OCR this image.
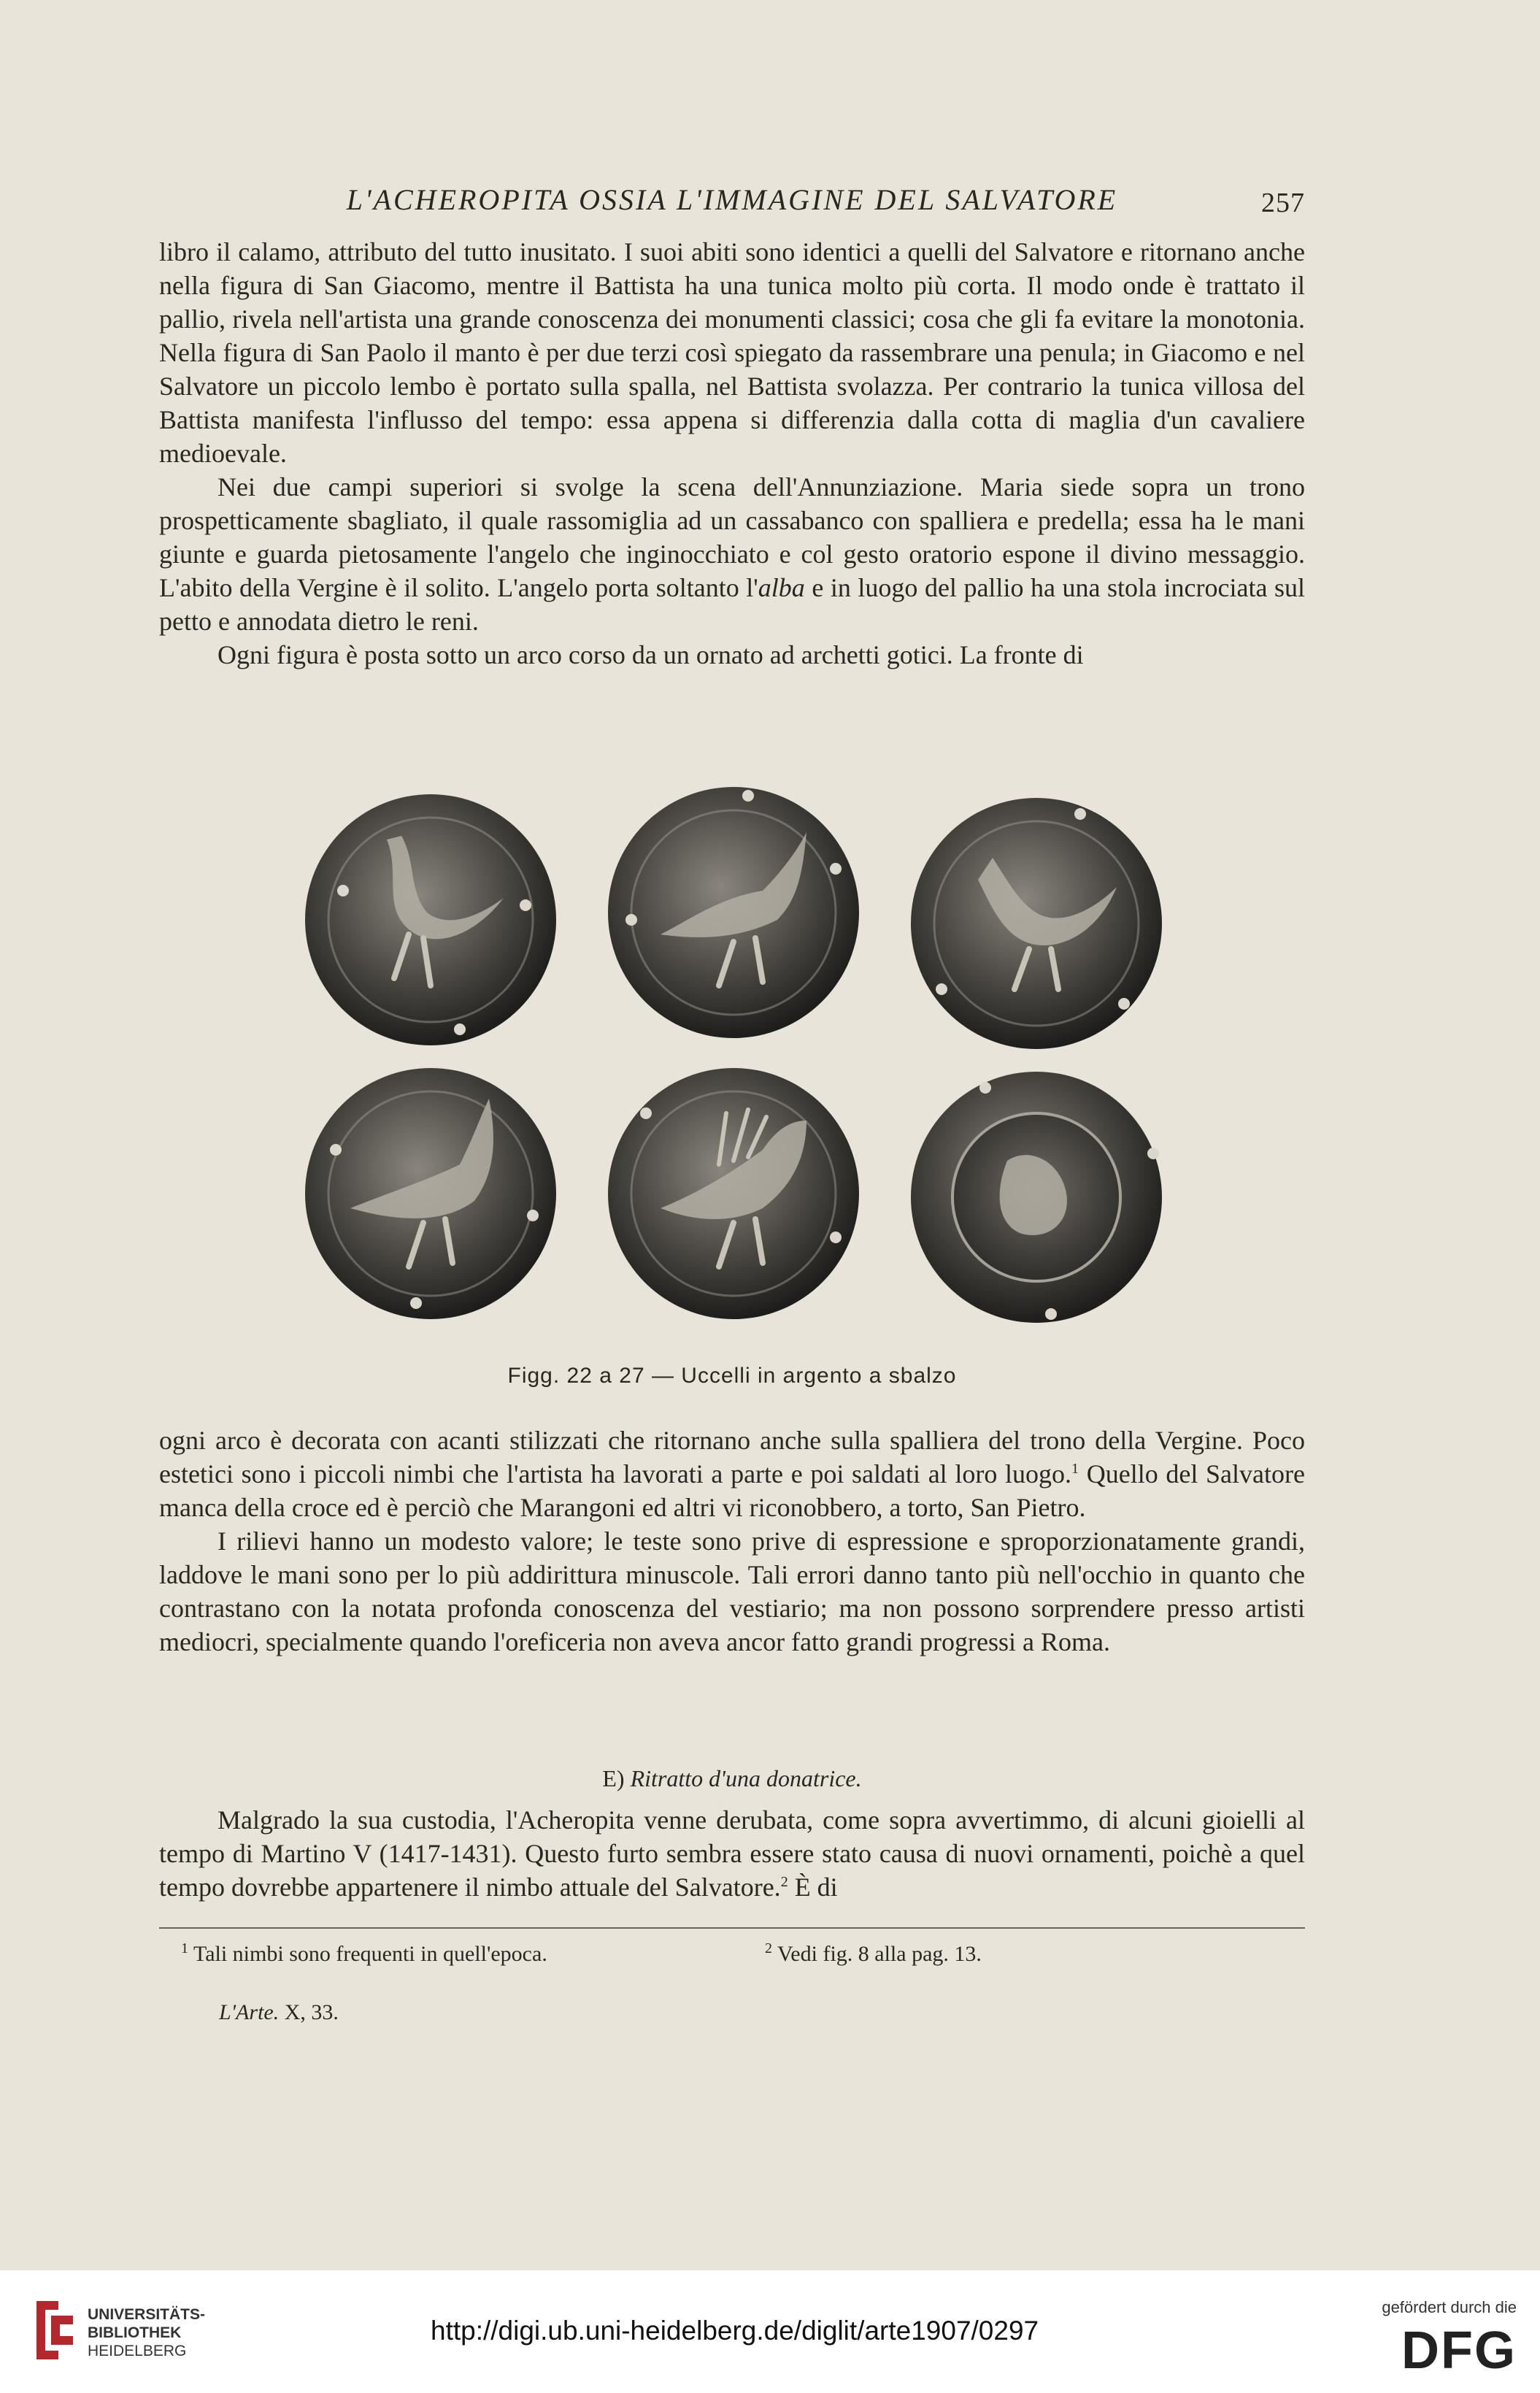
L'ACHEROPITA OSSIA L'IMMAGINE DEL SALVATORE	257

libro il calamo, attributo del tutto inusitato. I suoi abiti sono identici a quelli del Salvatore e ritornano anche nella figura di San Giacomo, mentre il Battista ha una tunica molto più corta. Il modo onde è trattato il pallio, rivela nell'artista una grande conoscenza dei monumenti classici; cosa che gli fa evitare la monotonia. Nella figura di San Paolo il manto è per due terzi così spiegato da rassembrare una penula; in Giacomo e nel Salvatore un piccolo lembo è portato sulla spalla, nel Battista svolazza. Per contrario la tunica villosa del Battista manifesta l'influsso del tempo: essa appena si differenzia dalla cotta di maglia d'un cavaliere medioevale.

Nei due campi superiori si svolge la scena dell'Annunziazione. Maria siede sopra un trono prospetticamente sbagliato, il quale rassomiglia ad un cassabanco con spalliera e predella; essa ha le mani giunte e guarda pietosamente l'angelo che inginocchiato e col gesto oratorio espone il divino messaggio. L'abito della Vergine è il solito. L'angelo porta soltanto l'alba e in luogo del pallio ha una stola incrociata sul petto e annodata dietro le reni.

Ogni figura è posta sotto un arco corso da un ornato ad archetti gotici. La fronte di

Figg. 22 a 27 — Uccelli in argento a sbalzo

ogni arco è decorata con acanti stilizzati che ritornano anche sulla spalliera del trono della Vergine. Poco estetici sono i piccoli nimbi che l'artista ha lavorati a parte e poi saldati al loro luogo.$^1$ Quello del Salvatore manca della croce ed è perciò che Marangoni ed altri vi riconobbero, a torto, San Pietro.

I rilievi hanno un modesto valore; le teste sono prive di espressione e sproporzionatamente grandi, laddove le mani sono per lo più addirittura minuscole. Tali errori danno tanto più nell'occhio in quanto che contrastano con la notata profonda conoscenza del vestiario; ma non possono sorprendere presso artisti mediocri, specialmente quando l'oreficeria non aveva ancor fatto grandi progressi a Roma.

E) Ritratto d'una donatrice.

Malgrado la sua custodia, l'Acheropita venne derubata, come sopra avvertimmo, di alcuni gioielli al tempo di Martino V (1417-1431). Questo furto sembra essere stato causa di nuovi ornamenti, poichè a quel tempo dovrebbe appartenere il nimbo attuale del Salvatore.$^2$ È di

$^1$ Tali nimbi sono frequenti in quell'epoca.	$^2$ Vedi fig. 8 alla pag. 13.
L'Arte. X, 33.
UNIVERSITÄTS-
BIBLIOTHEK
HEIDELBERG
http://digi.ub.uni-heidelberg.de/diglit/arte1907/0297
gefördert durch die
DFG
